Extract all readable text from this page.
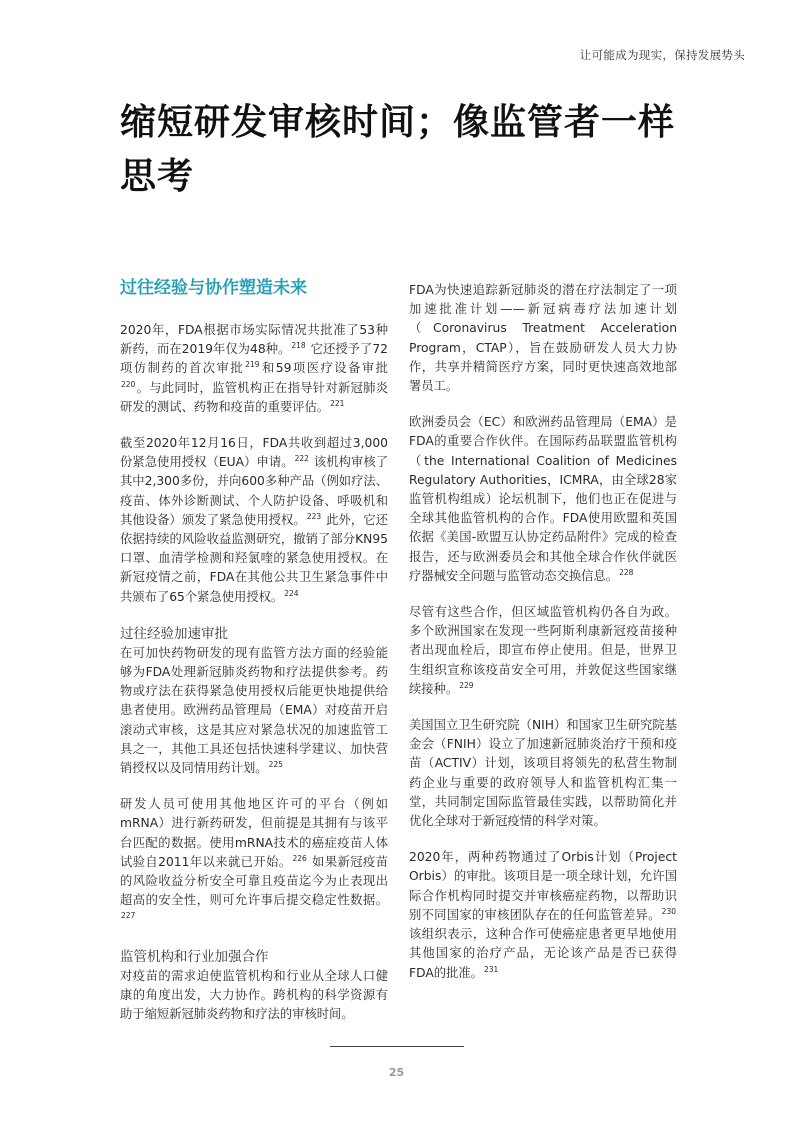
让可能成为现实，保持发展势头
缩短研发审核时间；像监管者一样思考
过往经验与协作塑造未来

2020年，FDA根据市场实际情况共批准了53种新药，而在2019年仅为48种。$^{218}$ 它还授予了72项仿制药的首次审批$^{219}$和59项医疗设备审批$^{220}$。与此同时，监管机构正在指导针对新冠肺炎研发的测试、药物和疫苗的重要评估。$^{221}$

截至2020年12月16日，FDA共收到超过3,000份紧急使用授权（EUA）申请。$^{222}$ 该机构审核了其中2,300多份，并向600多种产品（例如疗法、疫苗、体外诊断测试、个人防护设备、呼吸机和其他设备）颁发了紧急使用授权。$^{223}$ 此外，它还依据持续的风险收益监测研究，撤销了部分KN95口罩、血清学检测和羟氯喹的紧急使用授权。在新冠疫情之前，FDA在其他公共卫生紧急事件中共颁布了65个紧急使用授权。$^{224}$

过往经验加速审批

在可加快药物研发的现有监管方法方面的经验能够为FDA处理新冠肺炎药物和疗法提供参考。药物或疗法在获得紧急使用授权后能更快地提供给患者使用。欧洲药品管理局（EMA）对疫苗开启滚动式审核，这是其应对紧急状况的加速监管工具之一，其他工具还包括快速科学建议、加快营销授权以及同情用药计划。$^{225}$

研发人员可使用其他地区许可的平台（例如mRNA）进行新药研发，但前提是其拥有与该平台匹配的数据。使用mRNA技术的癌症疫苗人体试验自2011年以来就已开始。$^{226}$ 如果新冠疫苗的风险收益分析安全可靠且疫苗迄今为止表现出超高的安全性，则可允许事后提交稳定性数据。$^{227}$

监管机构和行业加强合作

对疫苗的需求迫使监管机构和行业从全球人口健康的角度出发，大力协作。跨机构的科学资源有助于缩短新冠肺炎药物和疗法的审核时间。

FDA为快速追踪新冠肺炎的潜在疗法制定了一项加速批准计划——新冠病毒疗法加速计划（Coronavirus Treatment Acceleration Program，CTAP），旨在鼓励研发人员大力协作，共享并精简医疗方案，同时更快速高效地部署员工。

欧洲委员会（EC）和欧洲药品管理局（EMA）是FDA的重要合作伙伴。在国际药品联盟监管机构（the International Coalition of Medicines Regulatory Authorities，ICMRA，由全球28家监管机构组成）论坛机制下，他们也正在促进与全球其他监管机构的合作。FDA使用欧盟和英国依据《美国-欧盟互认协定药品附件》完成的检查报告，还与欧洲委员会和其他全球合作伙伴就医疗器械安全问题与监管动态交换信息。$^{228}$

尽管有这些合作，但区域监管机构仍各自为政。多个欧洲国家在发现一些阿斯利康新冠疫苗接种者出现血栓后，即宣布停止使用。但是，世界卫生组织宣称该疫苗安全可用，并敦促这些国家继续接种。$^{229}$

美国国立卫生研究院（NIH）和国家卫生研究院基金会（FNIH）设立了加速新冠肺炎治疗干预和疫苗（ACTIV）计划，该项目将领先的私营生物制药企业与重要的政府领导人和监管机构汇集一堂，共同制定国际监管最佳实践，以帮助简化并优化全球对于新冠疫情的科学对策。

2020年，两种药物通过了Orbis计划（Project Orbis）的审批。该项目是一项全球计划，允许国际合作机构同时提交并审核癌症药物，以帮助识别不同国家的审核团队存在的任何监管差异。$^{230}$ 该组织表示，这种合作可使癌症患者更早地使用其他国家的治疗产品，无论该产品是否已获得FDA的批准。$^{231}$

25
